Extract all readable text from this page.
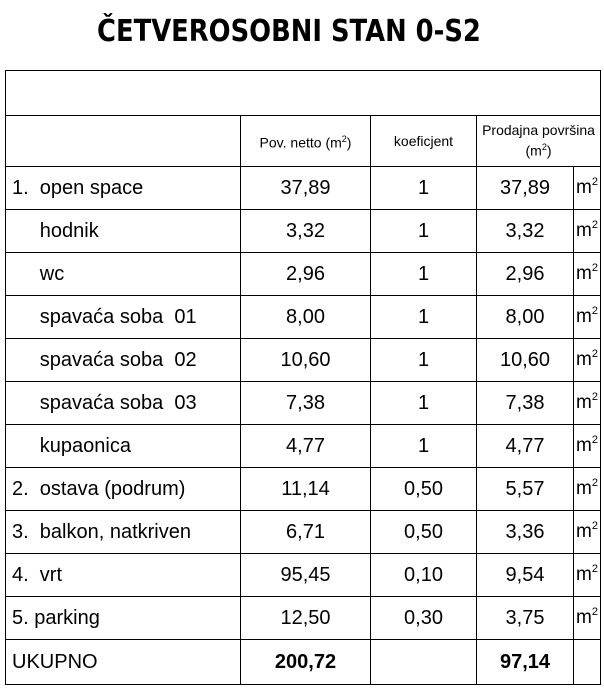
ČETVEROSOBNI STAN 0-S2

	Pov. netto $(m^2)$	koeficjent	Prodajna površina
$(m^2)$	
1.  open space	37,89	1	37,89	$m^2$
hodnik	3,32	1	3,32	$m^2$
wc	2,96	1	2,96	$m^2$
spavaća soba  01	8,00	1	8,00	$m^2$
spavaća soba  02	10,60	1	10,60	$m^2$
spavaća soba  03	7,38	1	7,38	$m^2$
kupaonica	4,77	1	4,77	$m^2$
2.  ostava (podrum)	11,14	0,50	5,57	$m^2$
3.  balkon, natkriven	6,71	0,50	3,36	$m^2$
4.  vrt	95,45	0,10	9,54	$m^2$
5. parking	12,50	0,30	3,75	$m^2$
UKUPNO	200,72		97,14	
